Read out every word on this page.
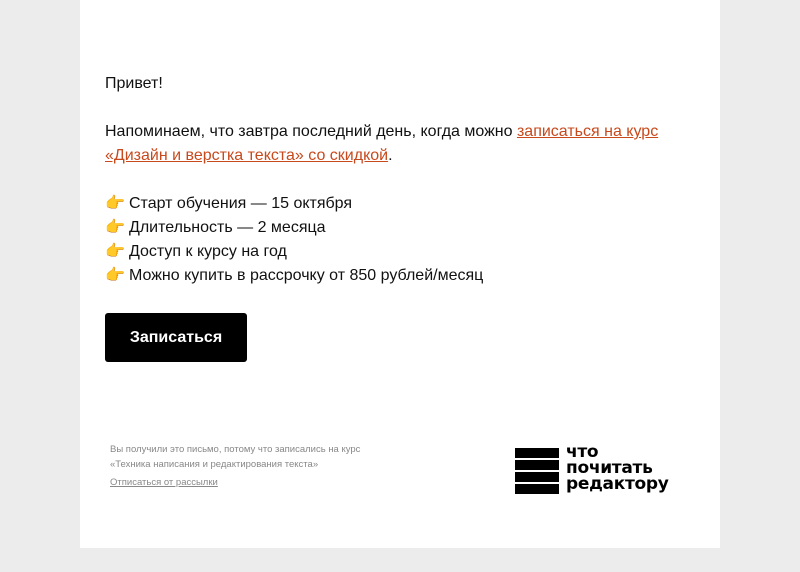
Привет!

Напоминаем, что завтра последний день, когда можно записаться на курс «Дизайн и верстка текста» со скидкой.

👉 Старт обучения — 15 октября
👉 Длительность — 2 месяца
👉 Доступ к курсу на год
👉 Можно купить в рассрочку от 850 рублей/месяц
Записаться

Вы получили это письмо, потому что записались на курс

«Техника написания и редактирования текста»

Отписаться от рассылки
что
почитать
редактору
